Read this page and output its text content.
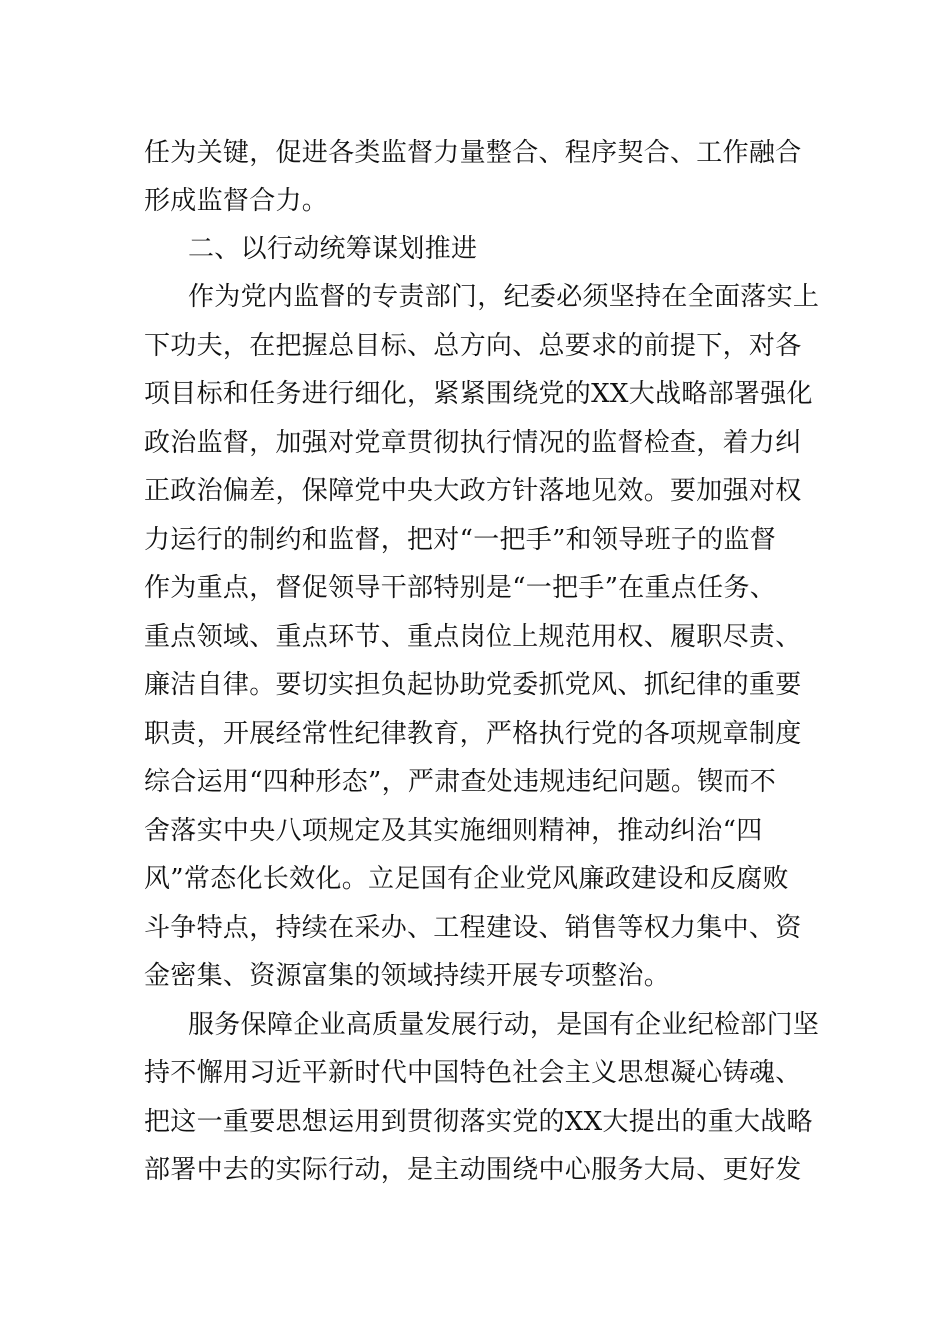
任为关键，促进各类监督力量整合、程序契合、工作融合
形成监督合力。
二、以行动统筹谋划推进
作为党内监督的专责部门，纪委必须坚持在全面落实上
下功夫，在把握总目标、总方向、总要求的前提下，对各
项目标和任务进行细化，紧紧围绕党的XX大战略部署强化
政治监督，加强对党章贯彻执行情况的监督检查，着力纠
正政治偏差，保障党中央大政方针落地见效。要加强对权
力运行的制约和监督，把对“一把手”和领导班子的监督
作为重点，督促领导干部特别是“一把手”在重点任务、
重点领域、重点环节、重点岗位上规范用权、履职尽责、
廉洁自律。要切实担负起协助党委抓党风、抓纪律的重要
职责，开展经常性纪律教育，严格执行党的各项规章制度
综合运用“四种形态”，严肃查处违规违纪问题。锲而不
舍落实中央八项规定及其实施细则精神，推动纠治“四
风”常态化长效化。立足国有企业党风廉政建设和反腐败
斗争特点，持续在采办、工程建设、销售等权力集中、资
金密集、资源富集的领域持续开展专项整治。
服务保障企业高质量发展行动，是国有企业纪检部门坚
持不懈用习近平新时代中国特色社会主义思想凝心铸魂、
把这一重要思想运用到贯彻落实党的XX大提出的重大战略
部署中去的实际行动，是主动围绕中心服务大局、更好发
